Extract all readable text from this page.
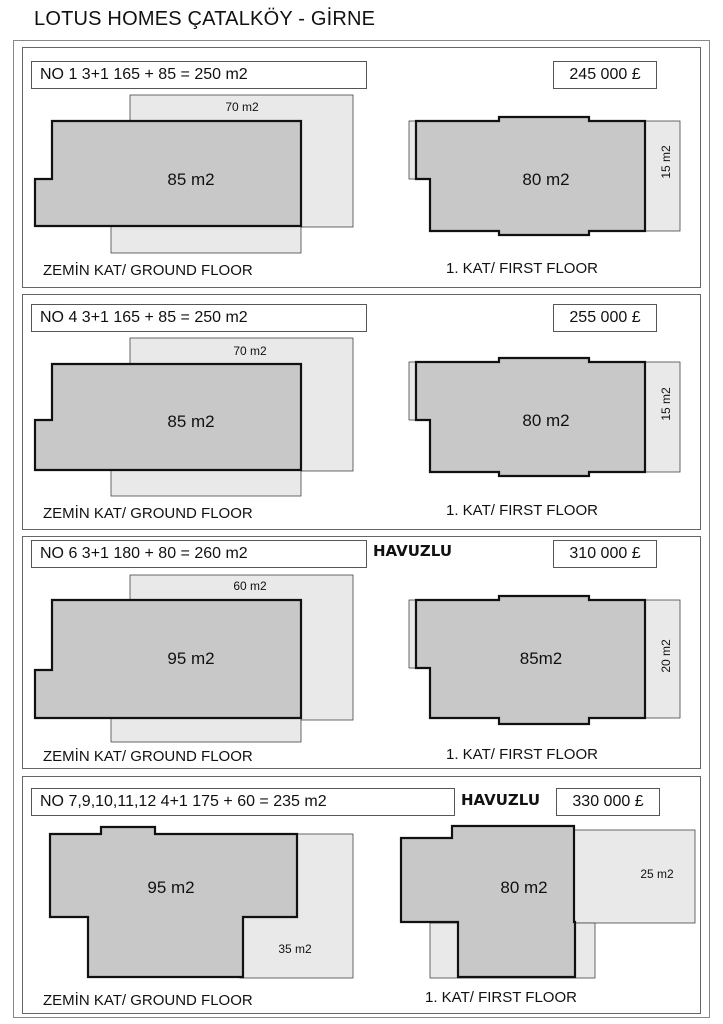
LOTUS HOMES ÇATALKÖY - GİRNE
NO 1 3+1 165 + 85 = 250 m2	245 000 £
85 m2
70 m2
80 m2
15 m2
ZEMİN KAT/ GROUND FLOOR	1. KAT/ FIRST FLOOR
NO 4 3+1 165 + 85 = 250 m2	255 000 £
85 m2
70 m2
80 m2	15 m2
ZEMİN KAT/ GROUND FLOOR	1. KAT/ FIRST FLOOR
NO 6 3+1 180 + 80 = 260 m2	HAVUZLU	310 000 £
95 m2
60 m2
85m2	20 m2
ZEMİN KAT/ GROUND FLOOR	1. KAT/ FIRST FLOOR
NO 7,9,10,11,12 4+1 175 + 60 = 235 m2	HAVUZLU	330 000 £
95 m2
35 m2
80 m2
25 m2
ZEMİN KAT/ GROUND FLOOR	1. KAT/ FIRST FLOOR
